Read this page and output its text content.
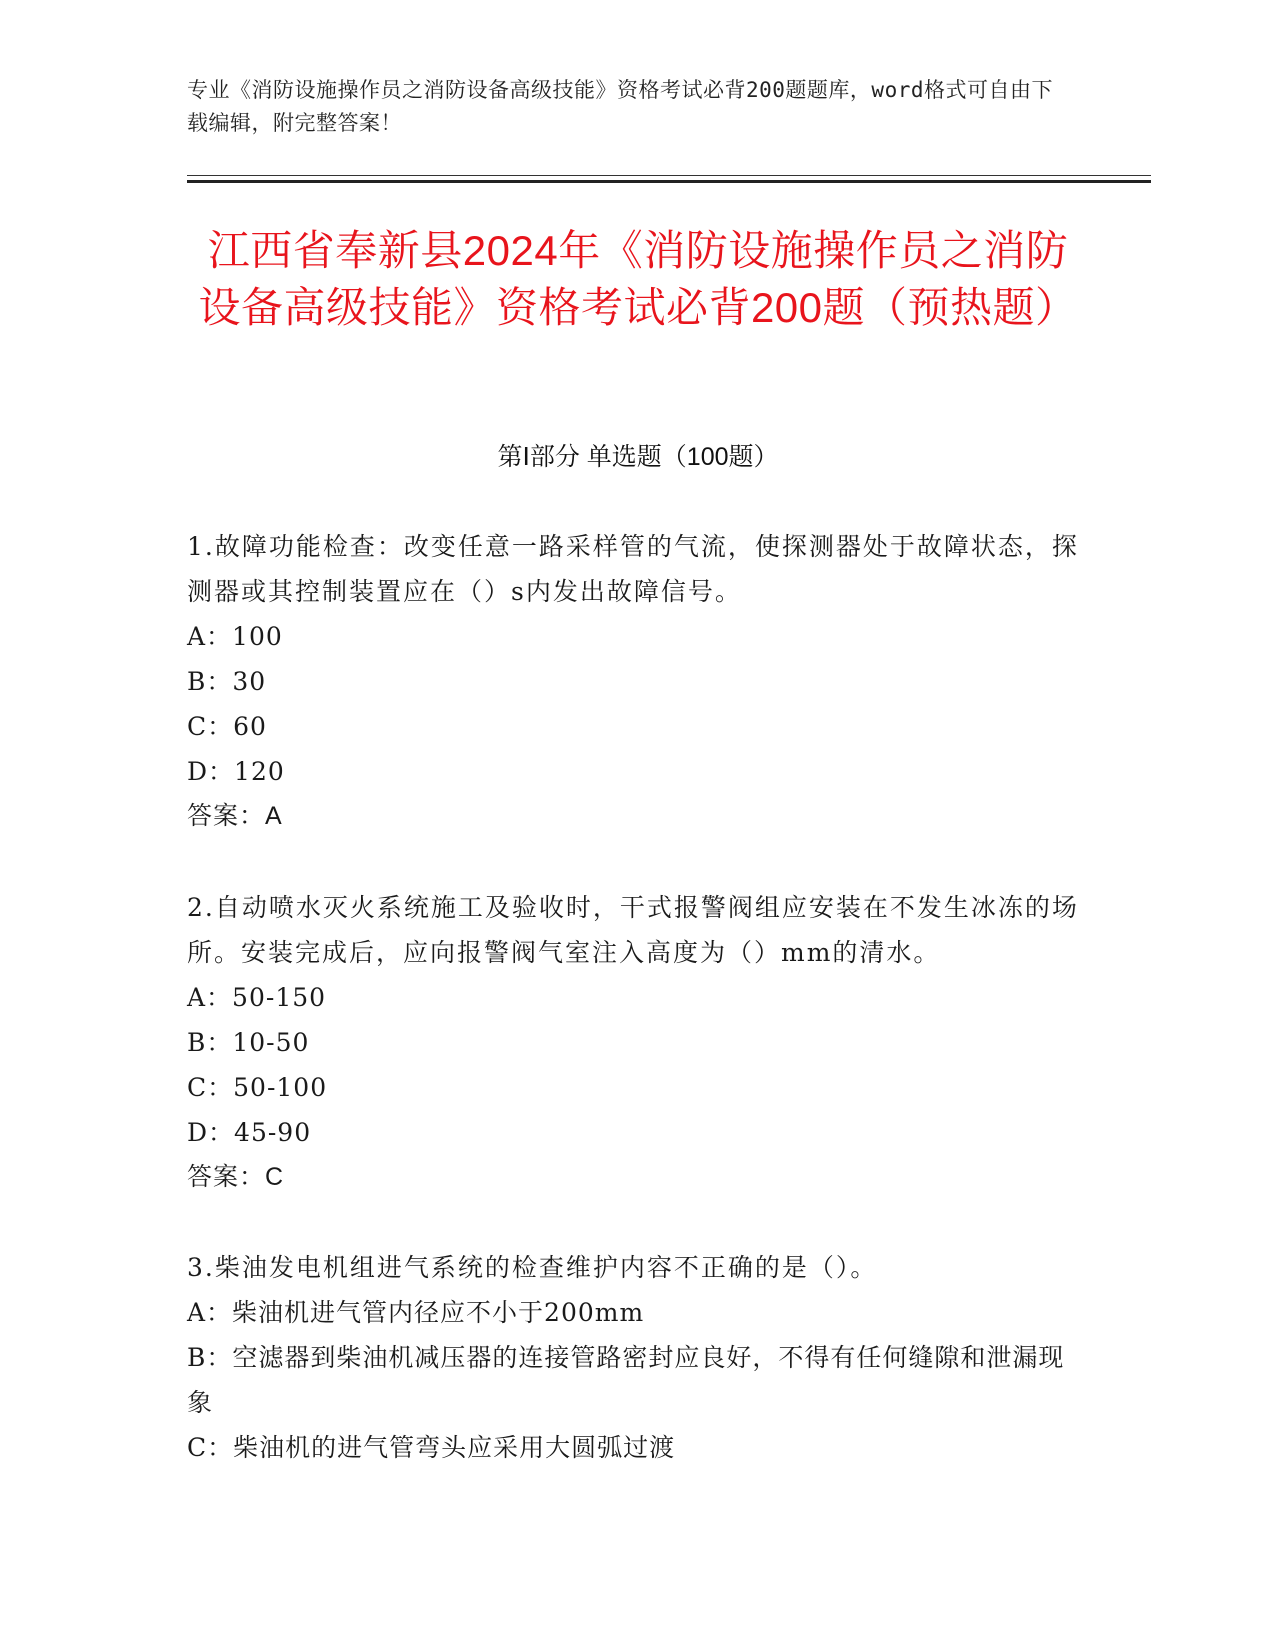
专业《消防设施操作员之消防设备高级技能》资格考试必背200题题库，word格式可自由下载编辑，附完整答案！
江西省奉新县2024年《消防设施操作员之消防设备高级技能》资格考试必背200题（预热题）
第Ⅰ部分 单选题（100题）
1.故障功能检查：改变任意一路采样管的气流，使探测器处于故障状态，探测器或其控制装置应在（）s内发出故障信号。
A：100
B：30
C：60
D：120
答案：A
2.自动喷水灭火系统施工及验收时，干式报警阀组应安装在不发生冰冻的场所。安装完成后，应向报警阀气室注入高度为（）mm的清水。
A：50-150
B：10-50
C：50-100
D：45-90
答案：C
3.柴油发电机组进气系统的检查维护内容不正确的是（）。
A：柴油机进气管内径应不小于200mm
B：空滤器到柴油机减压器的连接管路密封应良好，不得有任何缝隙和泄漏现象
C：柴油机的进气管弯头应采用大圆弧过渡
